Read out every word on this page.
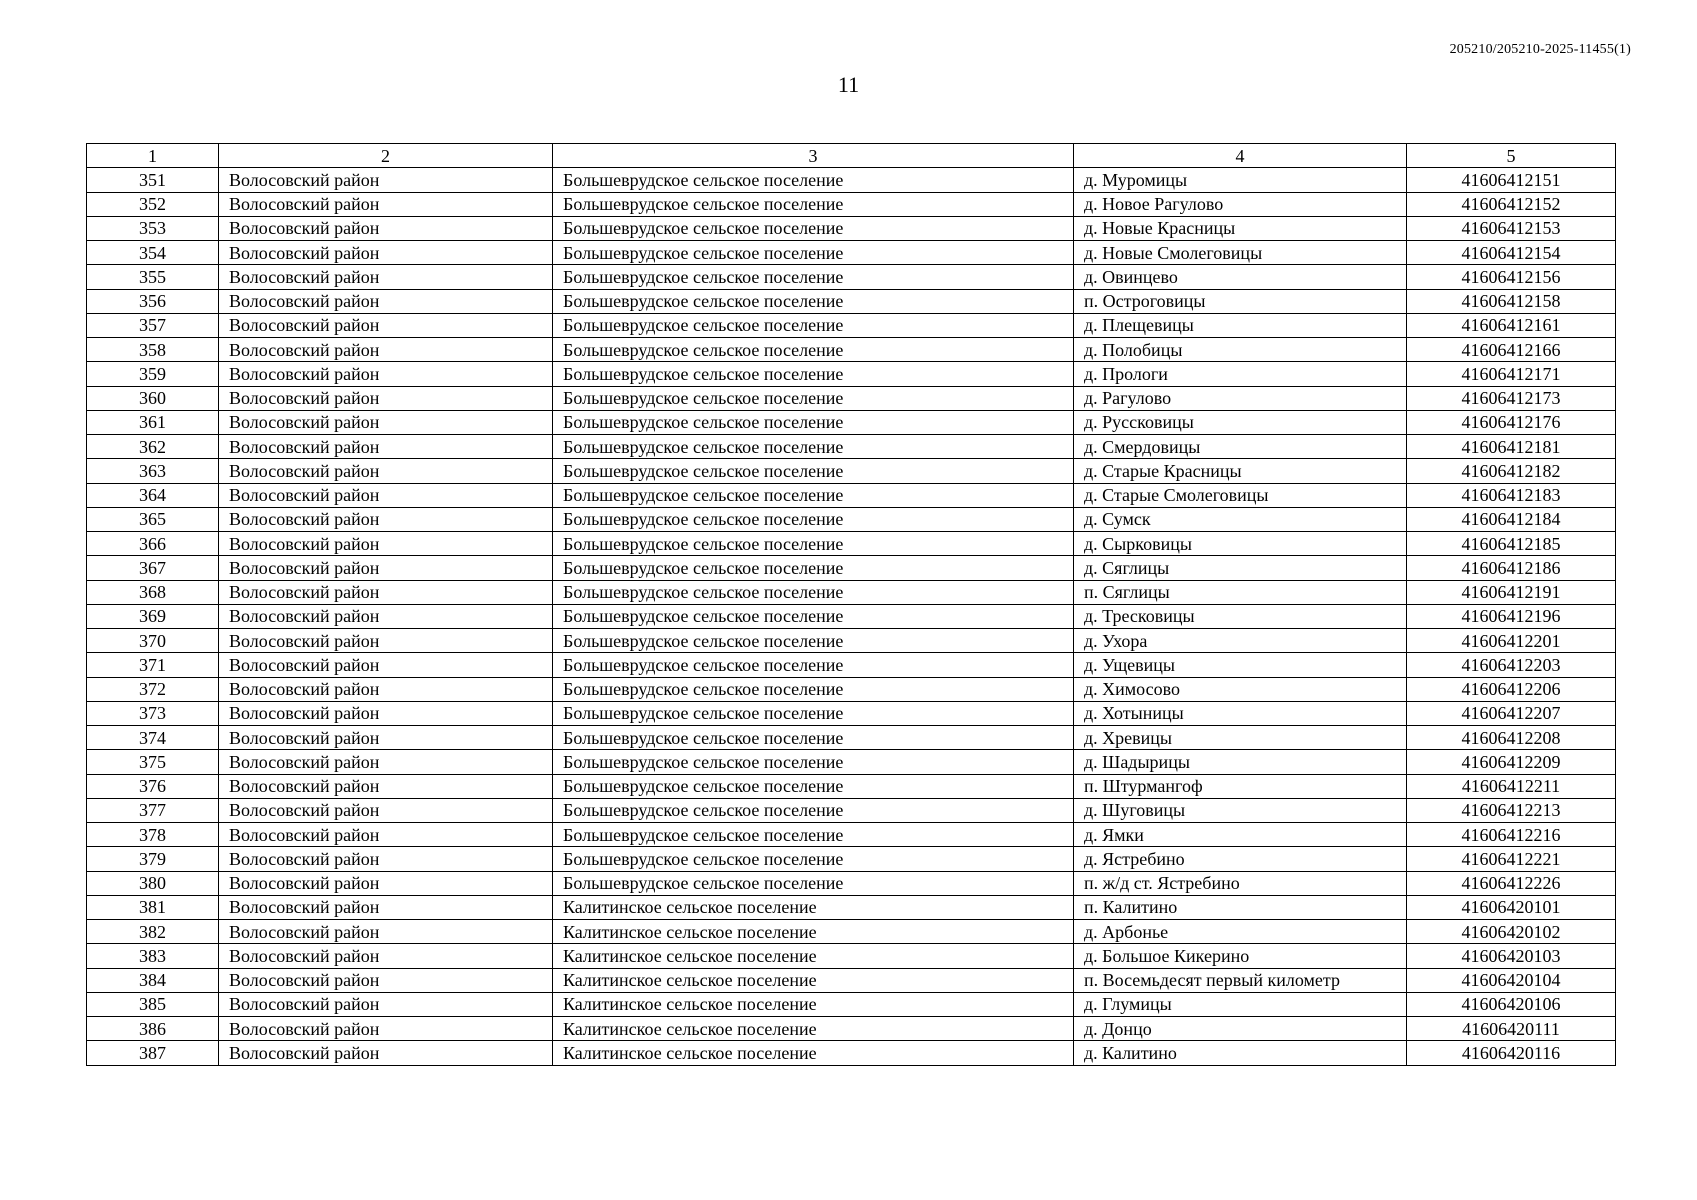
205210/205210-2025-11455(1)
11
1	2	3	4	5
351	Волосовский район	Большеврудское сельское поселение	д. Муромицы	41606412151
352	Волосовский район	Большеврудское сельское поселение	д. Новое Рагулово	41606412152
353	Волосовский район	Большеврудское сельское поселение	д. Новые Красницы	41606412153
354	Волосовский район	Большеврудское сельское поселение	д. Новые Смолеговицы	41606412154
355	Волосовский район	Большеврудское сельское поселение	д. Овинцево	41606412156
356	Волосовский район	Большеврудское сельское поселение	п. Остроговицы	41606412158
357	Волосовский район	Большеврудское сельское поселение	д. Плещевицы	41606412161
358	Волосовский район	Большеврудское сельское поселение	д. Полобицы	41606412166
359	Волосовский район	Большеврудское сельское поселение	д. Прологи	41606412171
360	Волосовский район	Большеврудское сельское поселение	д. Рагулово	41606412173
361	Волосовский район	Большеврудское сельское поселение	д. Руссковицы	41606412176
362	Волосовский район	Большеврудское сельское поселение	д. Смердовицы	41606412181
363	Волосовский район	Большеврудское сельское поселение	д. Старые Красницы	41606412182
364	Волосовский район	Большеврудское сельское поселение	д. Старые Смолеговицы	41606412183
365	Волосовский район	Большеврудское сельское поселение	д. Сумск	41606412184
366	Волосовский район	Большеврудское сельское поселение	д. Сырковицы	41606412185
367	Волосовский район	Большеврудское сельское поселение	д. Сяглицы	41606412186
368	Волосовский район	Большеврудское сельское поселение	п. Сяглицы	41606412191
369	Волосовский район	Большеврудское сельское поселение	д. Тресковицы	41606412196
370	Волосовский район	Большеврудское сельское поселение	д. Ухора	41606412201
371	Волосовский район	Большеврудское сельское поселение	д. Ущевицы	41606412203
372	Волосовский район	Большеврудское сельское поселение	д. Химосово	41606412206
373	Волосовский район	Большеврудское сельское поселение	д. Хотыницы	41606412207
374	Волосовский район	Большеврудское сельское поселение	д. Хревицы	41606412208
375	Волосовский район	Большеврудское сельское поселение	д. Шадырицы	41606412209
376	Волосовский район	Большеврудское сельское поселение	п. Штурмангоф	41606412211
377	Волосовский район	Большеврудское сельское поселение	д. Шуговицы	41606412213
378	Волосовский район	Большеврудское сельское поселение	д. Ямки	41606412216
379	Волосовский район	Большеврудское сельское поселение	д. Ястребино	41606412221
380	Волосовский район	Большеврудское сельское поселение	п. ж/д ст. Ястребино	41606412226
381	Волосовский район	Калитинское сельское поселение	п. Калитино	41606420101
382	Волосовский район	Калитинское сельское поселение	д. Арбонье	41606420102
383	Волосовский район	Калитинское сельское поселение	д. Большое Кикерино	41606420103
384	Волосовский район	Калитинское сельское поселение	п. Восемьдесят первый километр	41606420104
385	Волосовский район	Калитинское сельское поселение	д. Глумицы	41606420106
386	Волосовский район	Калитинское сельское поселение	д. Донцо	41606420111
387	Волосовский район	Калитинское сельское поселение	д. Калитино	41606420116
